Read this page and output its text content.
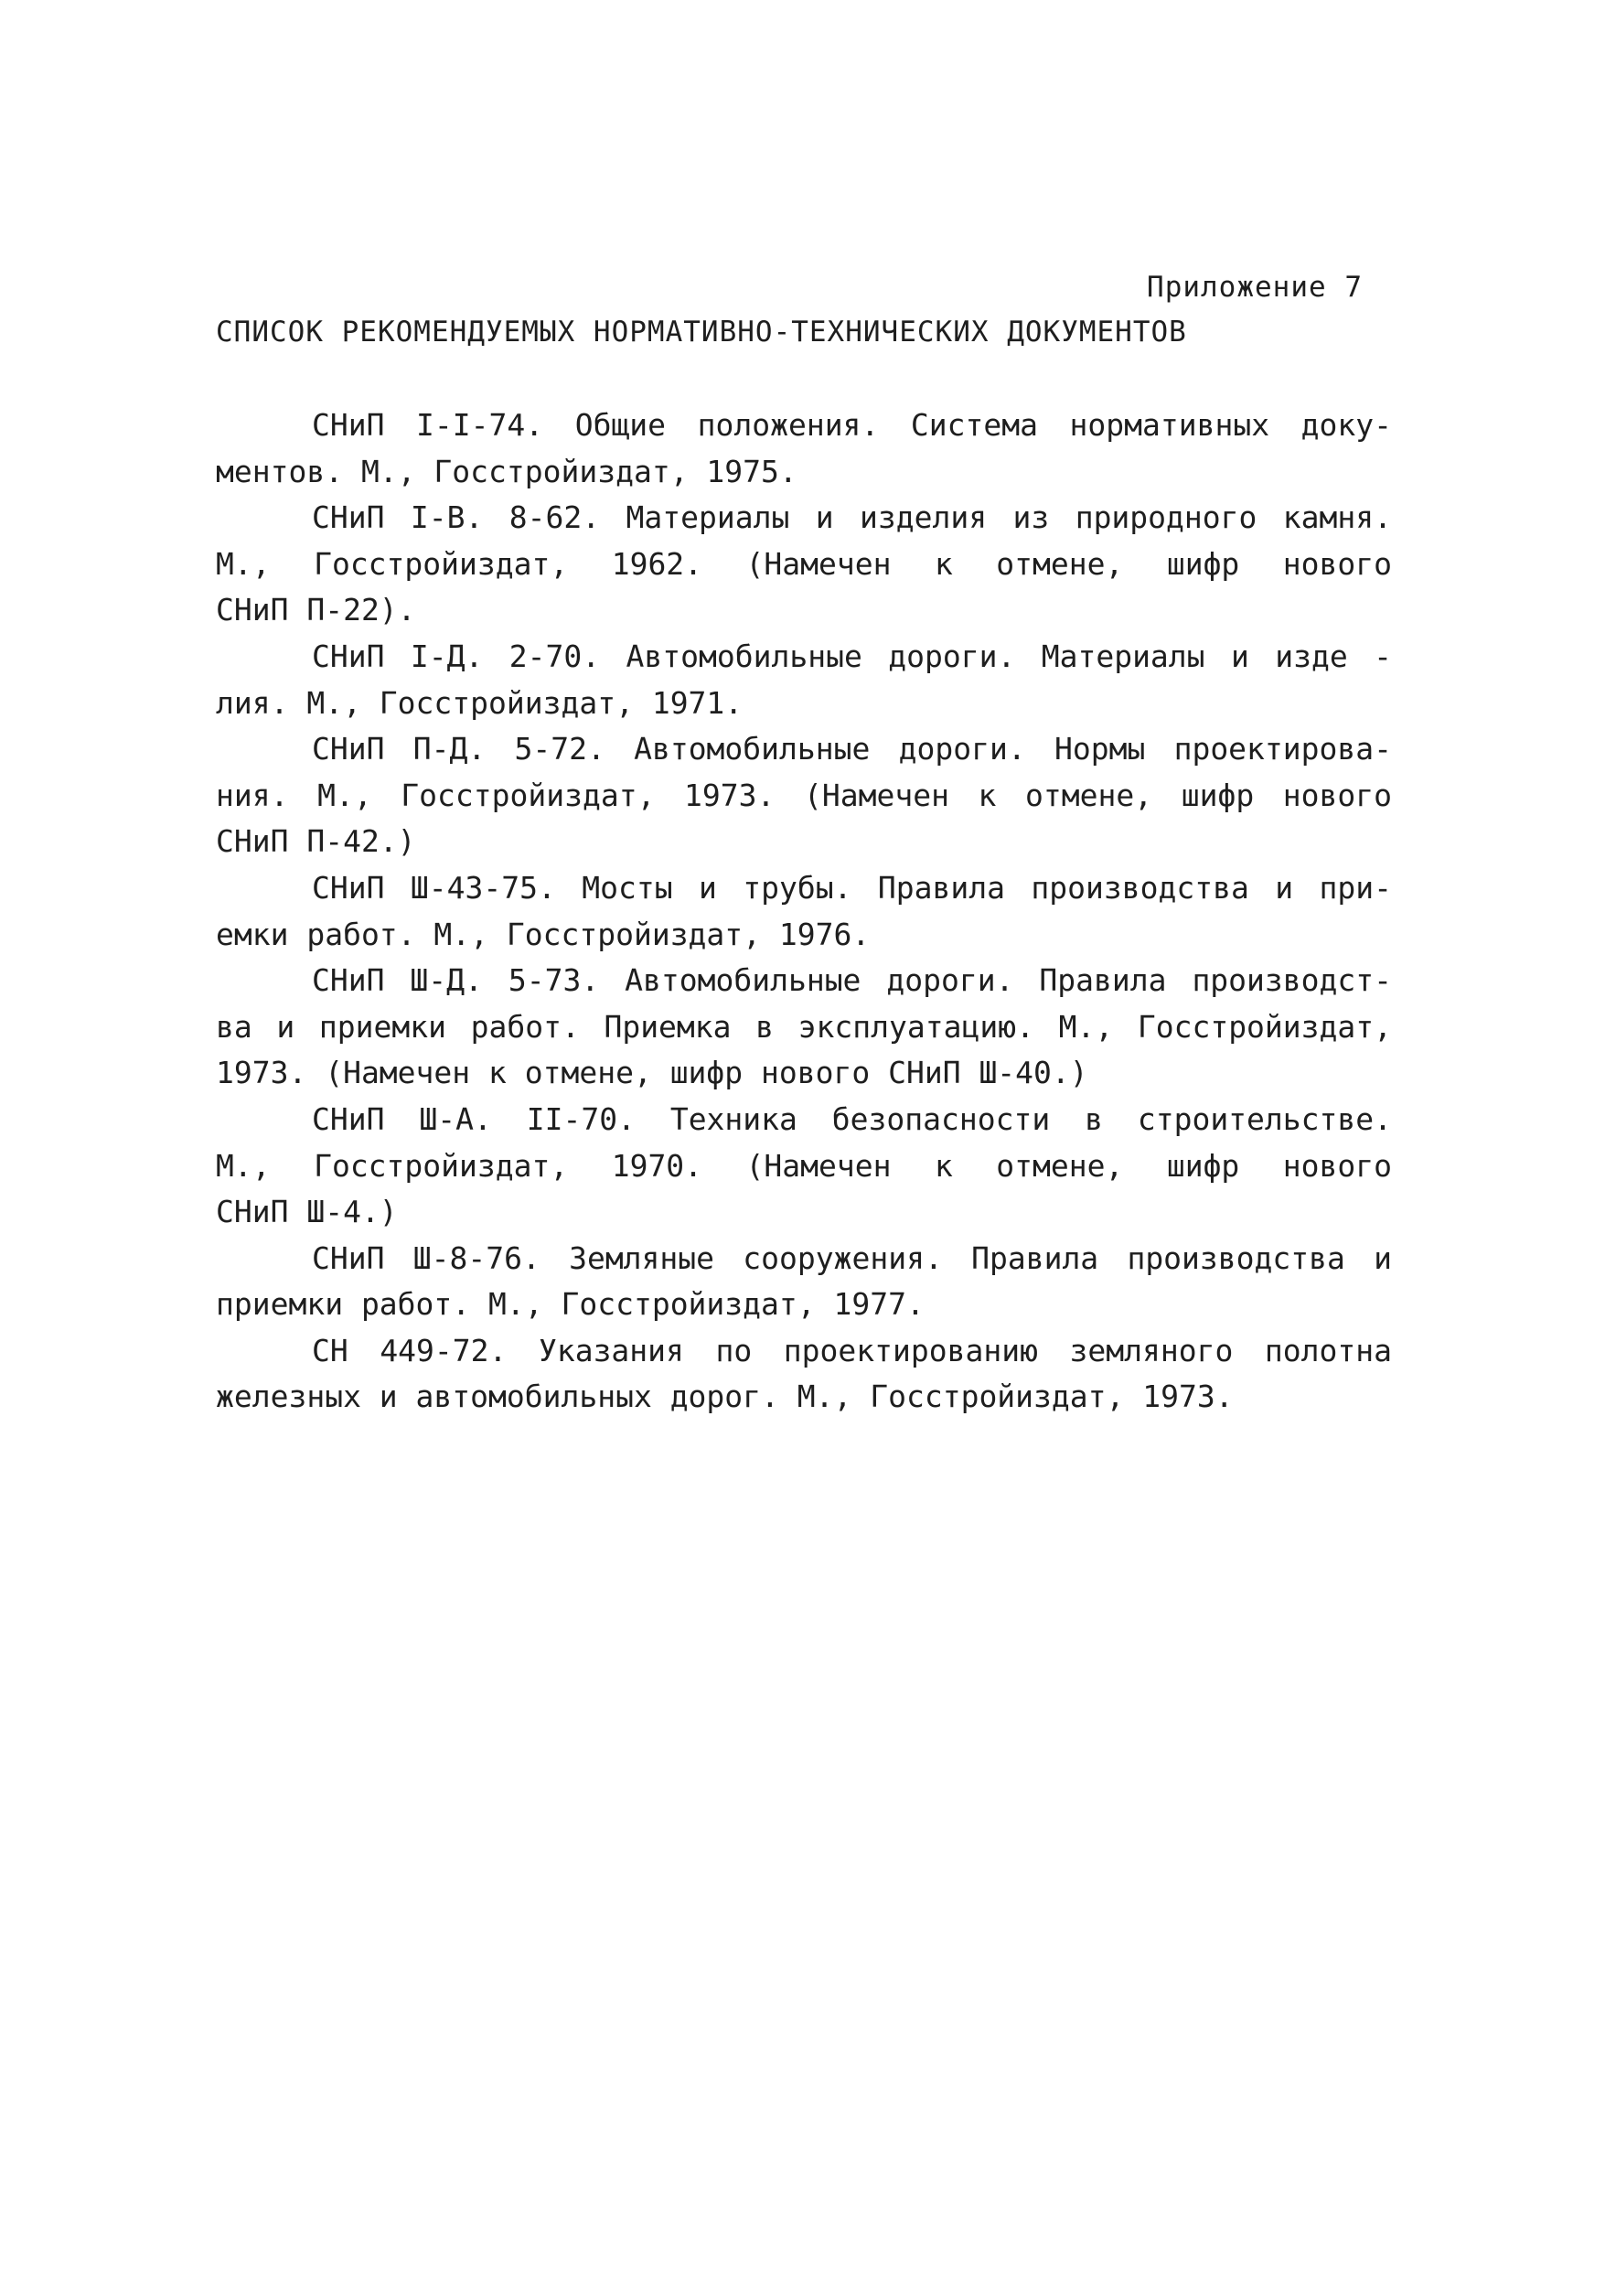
Приложение 7
СПИСОК РЕКОМЕНДУЕМЫХ НОРМАТИВНО-ТЕХНИЧЕСКИХ ДОКУМЕНТОВ
СНиП I-I-74. Общие положения. Система нормативных доку-
ментов. М., Госстройиздат, 1975.
СНиП I-В. 8-62. Материалы и изделия из природного камня.
М., Госстройиздат, 1962. (Намечен к отмене, шифр нового
СНиП П-22).
СНиП I-Д. 2-70. Автомобильные дороги. Материалы и изде -
лия. М., Госстройиздат, 1971.
СНиП П-Д. 5-72. Автомобильные дороги. Нормы проектирова-
ния. М., Госстройиздат, 1973. (Намечен к отмене, шифр нового
СНиП П-42.)
СНиП Ш-43-75. Мосты и трубы. Правила производства и при-
емки работ. М., Госстройиздат, 1976.
СНиП Ш-Д. 5-73. Автомобильные дороги. Правила производст-
ва и приемки работ. Приемка в эксплуатацию. М., Госстройиздат,
1973. (Намечен к отмене, шифр нового СНиП Ш-40.)
СНиП Ш-А. II-70. Техника безопасности в строительстве.
М., Госстройиздат, 1970. (Намечен к отмене, шифр нового
СНиП Ш-4.)
СНиП Ш-8-76. Земляные сооружения. Правила производства и
приемки работ. М., Госстройиздат, 1977.
СН 449-72. Указания по проектированию земляного полотна
железных и автомобильных дорог. М., Госстройиздат, 1973.
